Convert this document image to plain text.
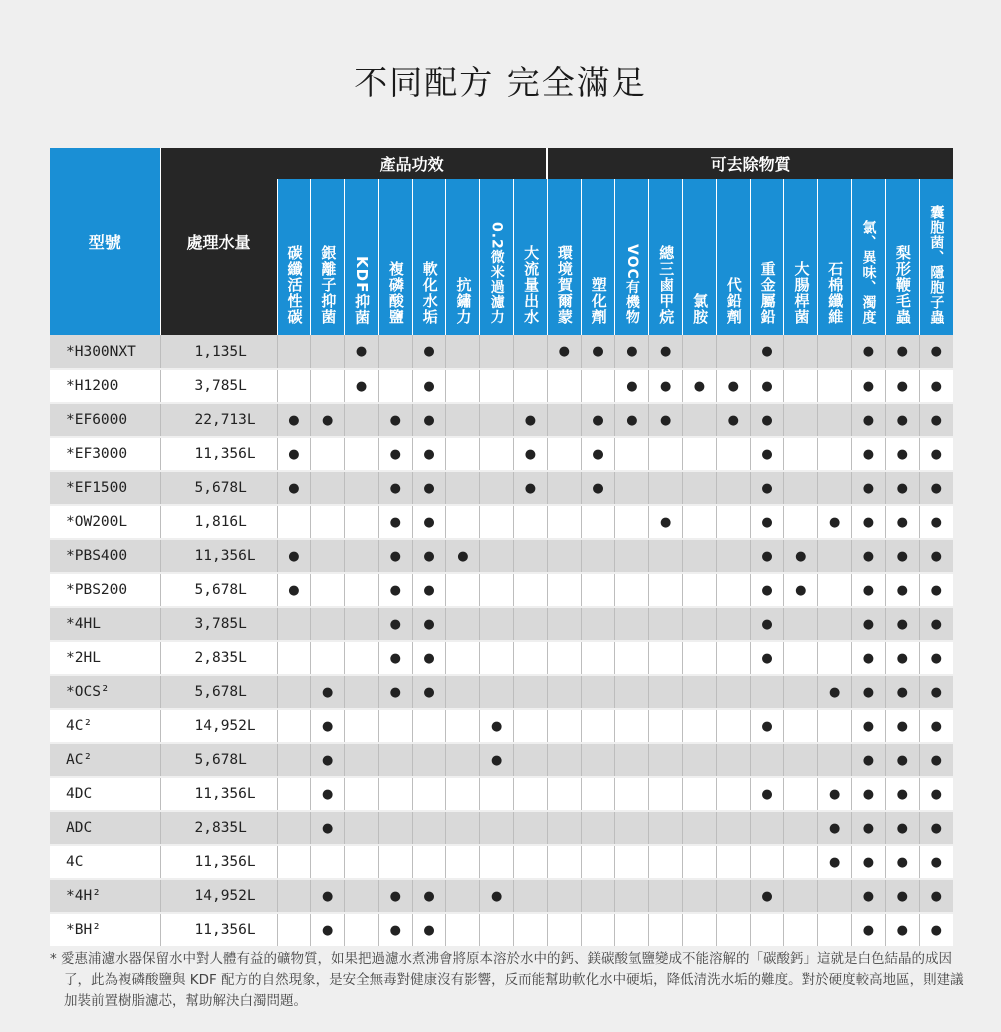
不同配方 完全滿足
型號	處理水量	產品功效								可去除物質											
		碳纖活性碳	銀離子抑菌	KDF抑菌	複磷酸鹽	軟化水垢	抗鏽力	0.2微米過濾力	大流量出水	環境賀爾蒙	塑化劑	VOC有機物	總三鹵甲烷	氯胺	代鉛劑	重金屬鉛	大腸桿菌	石棉纖維	氯、異味、濁度	梨形鞭毛蟲	囊胞菌、隱胞子蟲
*H300NXT	1,135L			●		●				●	●	●	●			●			●	●	●
*H1200	3,785L			●		●						●	●	●	●	●			●	●	●
*EF6000	22,713L	●	●		●	●			●		●	●	●		●	●			●	●	●
*EF3000	11,356L	●			●	●			●		●					●			●	●	●
*EF1500	5,678L	●			●	●			●		●					●			●	●	●
*OW200L	1,816L				●	●							●			●		●	●	●	●
*PBS400	11,356L	●			●	●	●									●	●		●	●	●
*PBS200	5,678L	●			●	●										●	●		●	●	●
*4HL	3,785L				●	●										●			●	●	●
*2HL	2,835L				●	●										●			●	●	●
*OCS²	5,678L		●		●	●												●	●	●	●
4C²	14,952L		●					●								●			●	●	●
AC²	5,678L		●					●											●	●	●
4DC	11,356L		●													●		●	●	●	●
ADC	2,835L		●															●	●	●	●
4C	11,356L																	●	●	●	●
*4H²	14,952L		●		●	●		●								●			●	●	●
*BH²	11,356L		●		●	●													●	●	●
* 愛惠浦濾水器保留水中對人體有益的礦物質，如果把過濾水煮沸會將原本溶於水中的鈣、鎂碳酸氫鹽變成不能溶解的「碳酸鈣」這就是白色結晶的成因了，此為複磷酸鹽與 KDF 配方的自然現象，是安全無毒對健康沒有影響，反而能幫助軟化水中硬垢，降低清洗水垢的難度。對於硬度較高地區，則建議加裝前置樹脂濾芯，幫助解決白濁問題。
